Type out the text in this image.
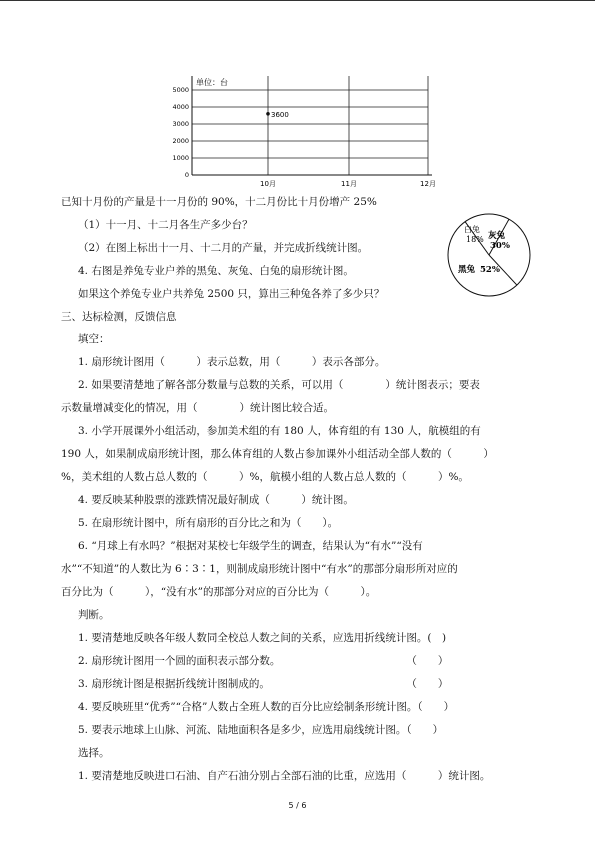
单位：台
5000
4000
3000
2000
1000
0
10月	11月	12月
3600
白兔
18% 灰兔
30%
黑兔 52%
已知十月份的产量是十一月份的 90%，十二月份比十月份增产 25%
（1）十一月、十二月各生产多少台？
（2）在图上标出十一月、十二月的产量，并完成折线统计图。
4. 右图是养兔专业户养的黑兔、灰兔、白兔的扇形统计图。
如果这个养兔专业户共养兔 2500 只，算出三种兔各养了多少只？
三、达标检测，反馈信息
填空：
1. 扇形统计图用（　　　）表示总数，用（　　　）表示各部分。
2. 如果要清楚地了解各部分数量与总数的关系，可以用（　　　　）统计图表示；要表
示数量增减变化的情况，用（　　　　）统计图比较合适。
3. 小学开展课外小组活动，参加美术组的有 180 人，体育组的有 130 人，航模组的有
190 人，如果制成扇形统计图，那么体育组的人数占参加课外小组活动全部人数的（　　　）
%，美术组的人数占总人数的（　　　）%，航模小组的人数占总人数的（　　　）%。
4. 要反映某种股票的涨跌情况最好制成（　　　）统计图。
5. 在扇形统计图中，所有扇形的百分比之和为（　　）。
6. “月球上有水吗？”根据对某校七年级学生的调查，结果认为“有水”“没有
水”“不知道”的人数比为 6∶3∶1，则制成扇形统计图中“有水”的那部分扇形所对应的
百分比为（　　　），“没有水”的那部分对应的百分比为（　　　）。
判断。
1. 要清楚地反映各年级人数同全校总人数之间的关系，应选用折线统计图。(　)
2. 扇形统计图用一个圆的面积表示部分数。　　　　　　　　　　　　　（　　）
3. 扇形统计图是根据折线统计图制成的。　　　　　　　　　　　　　　（　　）
4. 要反映班里“优秀”“合格”人数占全班人数的百分比应绘制条形统计图。（　　）
5. 要表示地球上山脉、河流、陆地面积各是多少，应选用扇线统计图。（　　）
选择。
1. 要清楚地反映进口石油、自产石油分别占全部石油的比重，应选用（　　　）统计图。
5 / 6
